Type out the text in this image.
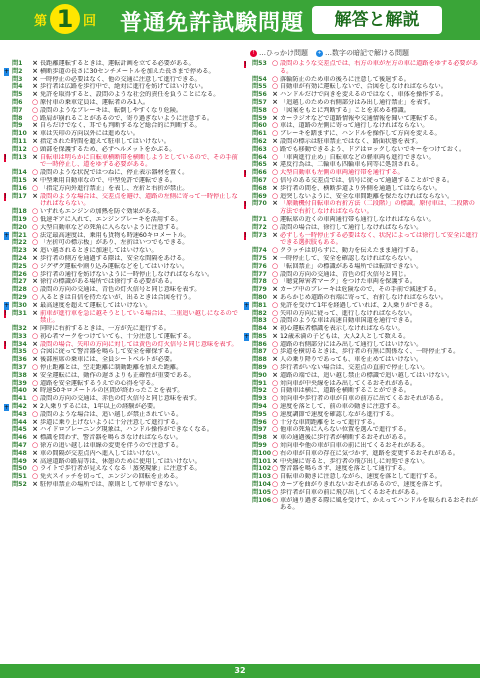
第 1 回 普通免許試験問題	解答と解説
問1	× 長距離運転するときは、運転計画を立てる必要がある。
+ 問2	× 横断歩道の長さに30センチメートルを加えた長さまで停める。
問3	× 一時停止の必要はなく、他の交通に注意して進行できる。
問4	× 歩行者は広路を歩行中で、絶対に進行を妨げてはいけない。
問5	× 免許を取得すると、設問のような社会的責任を負うことになる。
問6	○ 原付車の乗車定員は、運転者のみ1人。
問7	○ 設問のようなブレーキは、転倒しやすくなり危険。
問8	○ 路肩が崩れることがあるので、寄り過ぎないように注意する。
問9	× 自らだけでなく、耳でも判断するなど総合的に判断する。
問10 × 車は矢印の方向以外には進めない。
問11 × 指定された時間を超えて駐車してはいけない。
問12 ○ 頭部を保護するため、必ずヘルメットをかぶる。
! 問13 × 自転車は明らかに自転車横断帯を横断しようとしているので、その手前で一時停止し、道をゆずる必要がある。
問14 ○ 設問のような状況ではつねに、停止表示器材を置く。
問15 × 中型乗用自動車なので、中型免許で運転できる。
問16 ○ 「指定方向外進行禁止」を表し、左折と右折が禁止。
! 問17 × 設問のような場合は、交差点を避け、道路の左側に寄って一時停止しなければならない。
問18 ○ いずれもエンジンの加熱を防ぐ効果がある。
問19 ○ 低速ギアに入れて、エンジンブレーキを活用する。
問20 ○ 大型自動車などの死角に入らないように注意する。
+ 問21 ○ 法定最高速度は、乗用も貨物も時速60キロメートル。
問22 ○ 「左折可の標示板」があり、左折はいつでもできる。
問23 × 追い越されるときに加速してはいけない。
問24 × 歩行者の側方を通過する際は、安全な間隔をあける。
問25 ○ ジグザグ運転や割り込み運転などをしてはいけない。
問26 ○ 歩行者の通行を妨げないように一時停止しなければならない。
問27 × 徐行の標識がある場所では徐行する必要がある。
問28 ○ 設問の方向の交通は、青色の灯火信号と同じ意味を表す。
問29 ○ 入るときは自信を持たないが、出るときは合図を行う。
+ 問30 × 最高速度を超えて運転してはいけない。
! 問31 × 前車が進行車を急に越そうとしている場合は、二重追い越しになるので禁止。
問32 × 同時に右折するときは、一方が先に進行する。
問33 ○ 初心者マークをつけていても、十分注意して運転する。
! 問34 × 設問の場合、矢印の方向に対しては黄色の灯火信号と同じ意味を表す。
問35 ○ 合図に従って警音器を鳴らして安全を確保する。
問36 × 後部座席の乗車には、全員シートベルトが必要。
問37 ○ 停止距離とは、空走距離に制動距離を加えた距離。
問38 × 安全運転には、動作の遅さよりも正確性が重要である。
問39 ○ 道路を安全運転するうえでの心得を守る。
問40 × 時速50キロメートルの区間が終わったことを表す。
問41 ○ 設問の方向の交通は、赤色の灯火信号と同じ意味を表す。
+ 問42 × 2人乗りするには、1年以上の経験が必要。
問43 ○ 設問のような場合は、追い越しが禁止されている。
問44 × 歩道に乗り上げないように十分注意して進行する。
問45 × ハイドロプレーニング現象は、ハンドル操作ができなくなる。
問46 × 標識を問わず、警音器を鳴らさなければならない。
問47 ○ 徐方の追い越しは車線の変更を伴うので注意する。
問48 × 車の間隔が交差点内へ進入してはいけない。
問49 × 高速道路の路肩等は、休憩のために使用してはいけない。
問50 ○ ライトで歩行者が見えなくなる「蒸発現象」に注意する。
問51 ○ 免火スイッチを切って、エンジンの回転を止める。
問52 × 駐停車禁止の場所では、原則として停車できない。
! …ひっかけ問題 + …数字の暗記で解ける問題
! 問53 ○ 設問のような交差点では、右方の車が左方の車に道路をゆずる必要がある。
問54 ○ 落輪防止のため車の後ろに注意して後退する。
問55 ○ 自動車が有効に運転しないで、合図をしなければならない。
問56 × ハンドルだけで向きを変えるのではなく、車体を操作する。
問57 × 「追越しのための右側部分はみ出し通行禁止」を表す。
問58 ○ 「図案をもとに判断する」ことを求める標識。
問59 × カーラジオなどで道路情報や交通情報を聞いて運転する。
問60 ○ 車は、道路の左側に寄って通行しなければならない。
問61 ○ ブレーキを踏まずに、ハンドルを操作して方向を変える。
問62 × 設問の標示は駐車禁止ではなく、路面状態を表す。
問63 ○ 路でも移動できるよう、ドアはロックしないでキーをつけておく。
問64 ○ 「車両進行止め」自転車などの軽車両も進行できない。
問65 × 違反行為は、二輪車も四輪車も同等に処罰される。
! 問66 ○ 大型自動車も左側の車両通行帯を通行する。
問67 ○ 信号のある交差点では、信号に従って通過することができる。
問68 × 歩行者の間を、横断歩道より外側を通過してはならない。
問69 ○ 追突しないように、安全な車間距離を保たなければならない。
! 問70 × 「原動機付自転車の右折方法（二段階）」の標識。原付車は、二段階の方法で右折しなければならない。
問71 ○ 運転席の近くの車両通行帯も通行しなければならない。
問72 ○ 設問の場合は、徐行して通行しなければならない。
! 問73 × 必ずしも一時停止する必要はなく、状況によっては徐行して安全に進行できる選択肢もある。
問74 ○ クラッチは切らずに、動力を伝えたまま通行する。
問75 × 一時停止して、安全を確認しなければならない。
問76 ○ 「転回禁止」の標識がある場所では転回できない。
問77 ○ 設問の方向の交通は、青色の灯火信号と同じ。
問78 ○ 「聴覚障害者マーク」をつけた車両を保護する。
問79 × カーブ中のブレーキは危険なので、その手前で減速する。
問80 × あらかじめ道路の右端に寄って、右折しなければならない。
+ 問81 ○ 免許を受けて1年を経過していれば、2人乗りができる。
問82 ○ 矢印の方向に従って、進行しなければならない。
問83 ○ 設問のような車は高速自動車国道を通行できる。
問84 × 初心運転者標識を表示しなければならない。
+ 問85 × 12歳未満の子どもは、大人2人として数える。
問86 ○ 道路の右側部分にはみ出して通行してはいけない。
問87 ○ 歩道を横切るときは、歩行者の有無に関係なく、一時停止する。
問88 × 人の乗り降りであっても、車を止めてはいけない。
問89 ○ 歩行者がいない場合は、交差点の直前で停止しない。
問90 × 道路の端では、追い越し禁止の標識で追い越してはいけない。
問91 ○ 対向車が中央線をはみ出してくるおそれがある。
問92 ○ 自動車は横に、道路を横断することができる。
問93 ○ 対向車や歩行者の車が自車の前方に出てくるおそれがある。
問94 ○ 速度を落として、前の車の動きに注意する。
問95 ○ 速度調節で速度を確認しながら進行する。
問96 ○ 十分な車間距離をとって進行する。
問97 ○ 他車の死角に入らない位置を選んで進行する。
問98 × 車の通過後に歩行者が横断するおそれがある。
問99 ○ 対向車や他の車が自車の前に出てくるおそれがある。
問100 ○ 右の車が自車の存在に気づかず、進路を変更するおそれがある。
問101 × 中央線に寄ると、歩行者の飛び出しに対処できない。
問102 ○ 警音器を鳴らさず、速度を落として通行する。
問103 ○ 自転車の動きに注意しながら、速度を落として進行する。
問104 ○ カーブを曲がりきれないおそれがあるので、速度を落とす。
問105 ○ 歩行者が自車の前に飛び出してくるおそれがある。
問106 ○ 車が通り過ぎる際に風を受けて、かえってハンドルを取られるおそれがある。
32
